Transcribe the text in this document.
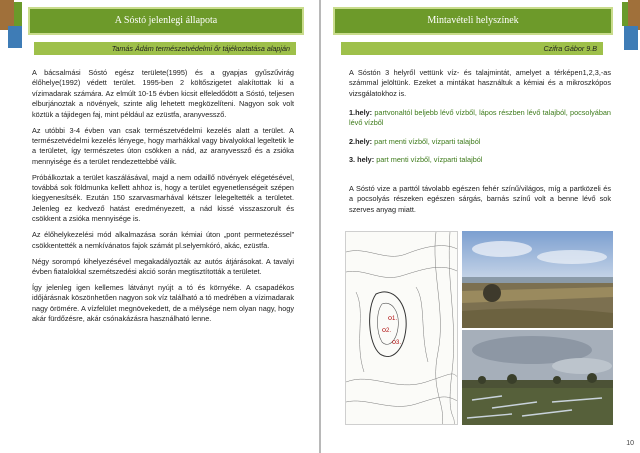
A Sóstó jelenlegi állapota
Tamás Ádám természetvédelmi őr tájékoztatása alapján

A bácsalmási Sóstó egész területe(1995) és a gyapjas gyűszűvirág élőhelye(1992) védett terület. 1995-ben 2 költőszigetet alakítottak ki a vízimadarak számára. Az elmúlt 10-15 évben kicsit elfeledődött a Sóstó, teljesen elburjánoztak a növények, szinte alig lehetett megközelíteni. Nagyon sok volt köztük a tájidegen faj, mint például az ezüstfa, aranyvessző.

Az utóbbi 3-4 évben van csak természetvédelmi kezelés alatt a terület. A természetvédelmi kezelés lényege, hogy marhákkal vagy bivalyokkal legeltetik le a területet, így természetes úton csökken a nád, az aranyvessző és a zsióka mennyisége és a terület rendezettebbé válik.

Próbálkoztak a terület kaszálásával, majd a nem odaillő növények elégetésével, továbbá sok földmunka kellett ahhoz is, hogy a terület egyenetlenségeit szépen kiegyenesítsék. Ezután 150 szarvasmarhával kétszer lelegeltették a területet. Jelenleg ez kedvező hatást eredményezett, a nád kissé visszaszorult és csökkent a zsióka mennyisége is.

Az élőhelykezelési mód alkalmazása során kémiai úton „pont permetezéssel” csökkentették a nemkívánatos fajok számát pl.selyemkóró, akác, ezüstfa.

Négy sorompó kihelyezésével megakadályozták az autós átjárásokat. A tavalyi évben fiatalokkal szemétszedési akció során megtisztították a területet.

Így jelenleg igen kellemes látványt nyújt a tó és környéke. A csapadékos időjárásnak köszönhetően nagyon sok víz található a tó medrében a vízimadarak nagy örömére. A vízfelület megnövekedett, de a mélysége nem olyan nagy, hogy akár fürdőzésre, akár csónakázásra használható lenne.

Mintavételi helyszínek
Czifra Gábor 9.B

A Sóstón 3 helyről vettünk víz- és talajmintát, amelyet a térképen1,2,3,-as számmal jelöltünk. Ezeket a mintákat használtuk a kémiai és a mikroszkópos vizsgálatokhoz is.

1.hely: partvonaltól beljebb lévő vízből, lápos részben lévő talajból, pocsolyában lévő vízből

2.hely: part menti vízből, vízparti talajból

3. hely: part menti vízből, vízparti talajból

A Sóstó vize a parttól távolabb egészen fehér színű/világos, míg a partközeli és a pocsolyás részeken egészen sárgás, barnás színű volt a benne lévő sok szerves anyag miatt.

10
1.
2.
3.
